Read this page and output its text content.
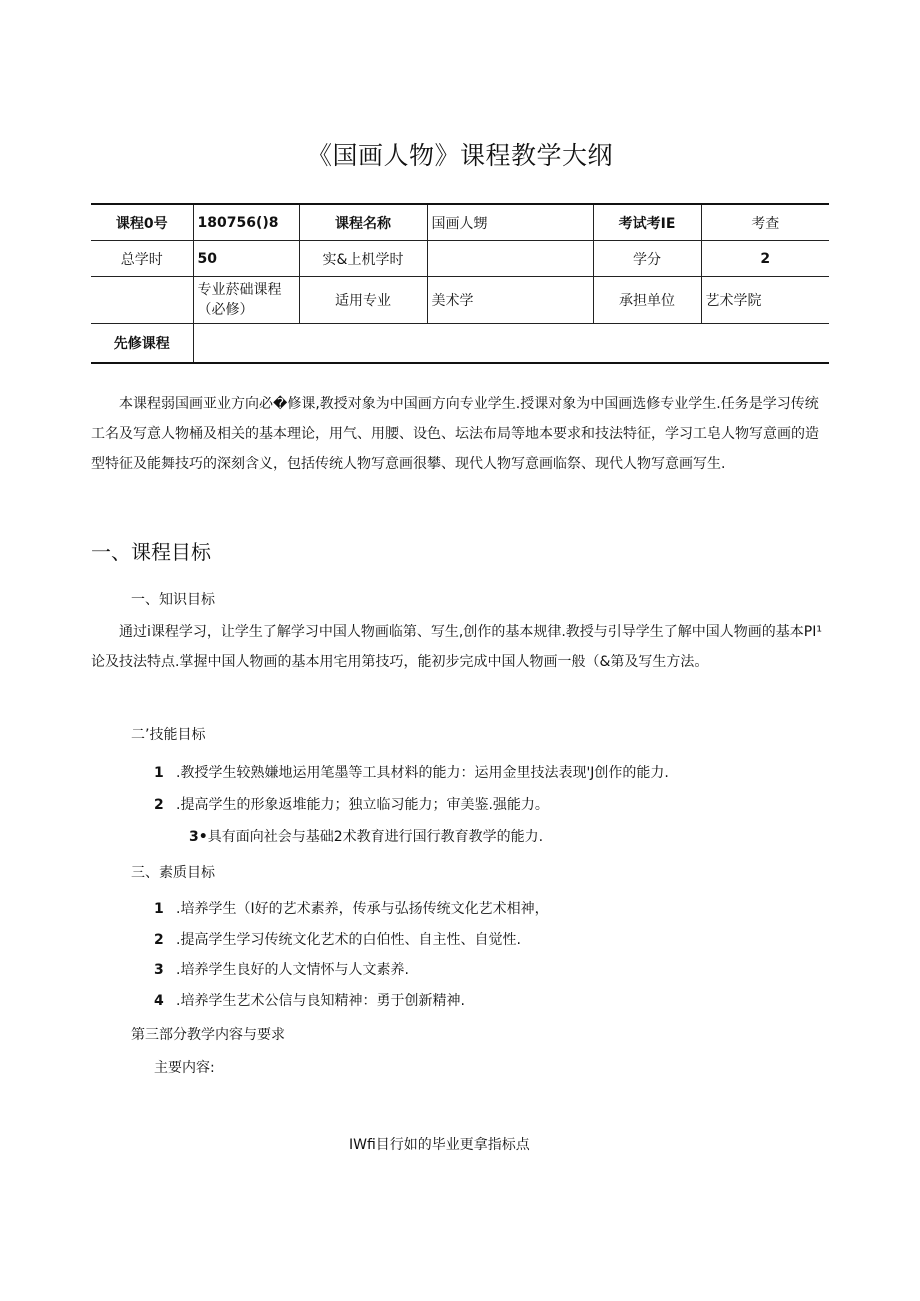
《国画人物》课程教学大纲
课程0号	180756()8	课程名称	国画人甥	考试考IE	考查
总学时	50	实&上机学时		学分	2
	专业菸础课程（必修）	适用专业	美术学	承担单位	艺术学院
先修课程					

本课程弱国画亚业方向必�修课,教授对象为中国画方向专业学生.授课对象为中国画选修专业学生.任务是学习传统工名及写意人物桶及相关的基本理论，用气、用腰、设色、坛法布局等地本要求和技法特征，学习工皂人物写意画的造型特征及能舞技巧的深刻含义，包括传统人物写意画很攀、现代人物写意画临祭、现代人物写意画写生.

一、课程目标
一、知识目标

通过i课程学习，让学生了解学习中国人物画临第、写生,创作的基本规律.教授与引导学生了解中国人物画的基本PI¹论及技法特点.掌握中国人物画的基本用宅用第技巧，能初步完成中国人物画一般（&第及写生方法。

二’技能目标
1 .教授学生较熟嫌地运用笔墨等工具材料的能力：运用金里技法表现'J创作的能力.
2 .提高学生的形象返堆能力；独立临习能力；审美鉴.强能力。
3•具有面向社会与基础2术教育进行国行教育教学的能力.
三、素质目标
1 .培养学生（I好的艺术素养，传承与弘扬传统文化艺术相神，
2 .提高学生学习传统文化艺术的白伯性、自主性、自觉性.
3 .培养学生良好的人文情怀与人文素养.
4 .培养学生艺术公信与良知精神：勇于创新精神.
第三部分教学内容与要求
主要内容:
IWfi目行如的毕业更拿指标点
